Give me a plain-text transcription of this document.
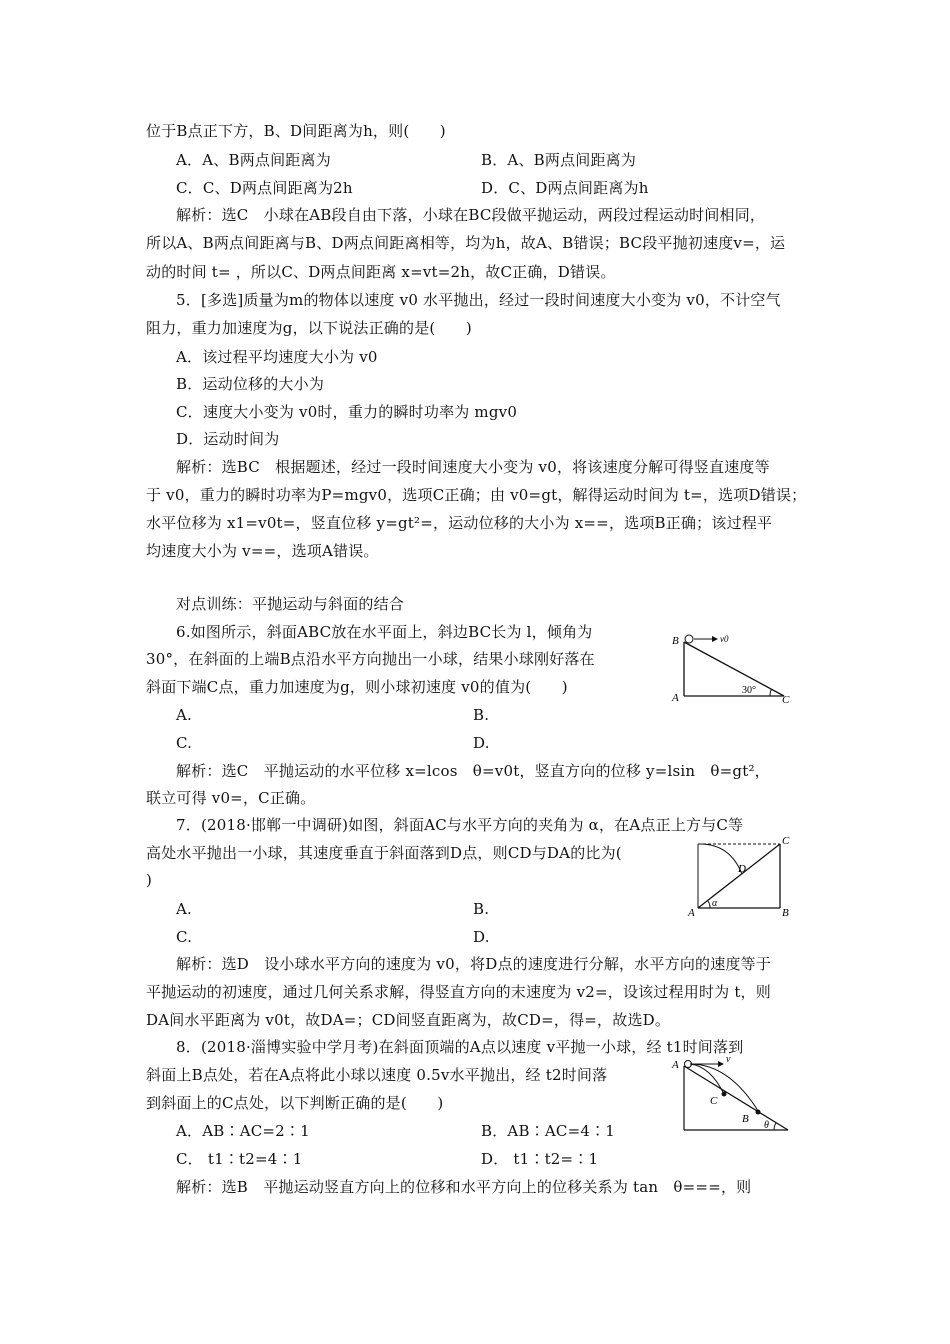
位于B点正下方，B、D间距离为h，则(　　)
A．A、B两点间距离为	B．A、B两点间距离为
C．C、D两点间距离为2h	D．C、D两点间距离为h
解析：选C　小球在AB段自由下落，小球在BC段做平抛运动，两段过程运动时间相同，
所以A、B两点间距离与B、D两点间距离相等，均为h，故A、B错误；BC段平抛初速度v=，运
动的时间 t= ，所以C、D两点间距离 x=vt=2h，故C正确，D错误。
5．[多选]质量为m的物体以速度 v0 水平抛出，经过一段时间速度大小变为 v0，不计空气
阻力，重力加速度为g，以下说法正确的是(　　)
A．该过程平均速度大小为 v0
B．运动位移的大小为
C．速度大小变为 v0时，重力的瞬时功率为 mgv0
D．运动时间为
解析：选BC　根据题述，经过一段时间速度大小变为 v0，将该速度分解可得竖直速度等
于 v0，重力的瞬时功率为P=mgv0，选项C正确；由 v0=gt，解得运动时间为 t=，选项D错误；
水平位移为 x1=v0t=，竖直位移 y=gt²=，运动位移的大小为 x==，选项B正确；该过程平
均速度大小为 v==，选项A错误。
对点训练：平抛运动与斜面的结合
6.如图所示，斜面ABC放在水平面上，斜边BC长为 l，倾角为
30°，在斜面的上端B点沿水平方向抛出一小球，结果小球刚好落在
斜面下端C点，重力加速度为g，则小球初速度 v0的值为(　　)
A.	B.
C.	D.
解析：选C　平抛运动的水平位移 x=lcos　θ=v0t，竖直方向的位移 y=lsin　θ=gt²，
联立可得 v0=，C正确。
B
A	C
v0
30°
7．(2018·邯郸一中调研)如图，斜面AC与水平方向的夹角为 α，在A点正上方与C等
高处水平抛出一小球，其速度垂直于斜面落到D点，则CD与DA的比为(
)
A.	B.
C.	D.
解析：选D　设小球水平方向的速度为 v0，将D点的速度进行分解，水平方向的速度等于
平抛运动的初速度，通过几何关系求解，得竖直方向的末速度为 v2=，设该过程用时为 t，则
DA间水平距离为 v0t，故DA=；CD间竖直距离为，故CD=，得=，故选D。
A	B
C
D
α
8．(2018·淄博实验中学月考)在斜面顶端的A点以速度 v平抛一小球，经 t1时间落到
斜面上B点处，若在A点将此小球以速度 0.5v水平抛出，经 t2时间落
到斜面上的C点处，以下判断正确的是(　　)
A．AB∶AC=2∶1	B．AB∶AC=4∶1
C． t1∶t2=4∶1	D． t1∶t2=∶1
解析：选B　平抛运动竖直方向上的位移和水平方向上的位移关系为 tan　θ===，则
A	v
C
B
θ
